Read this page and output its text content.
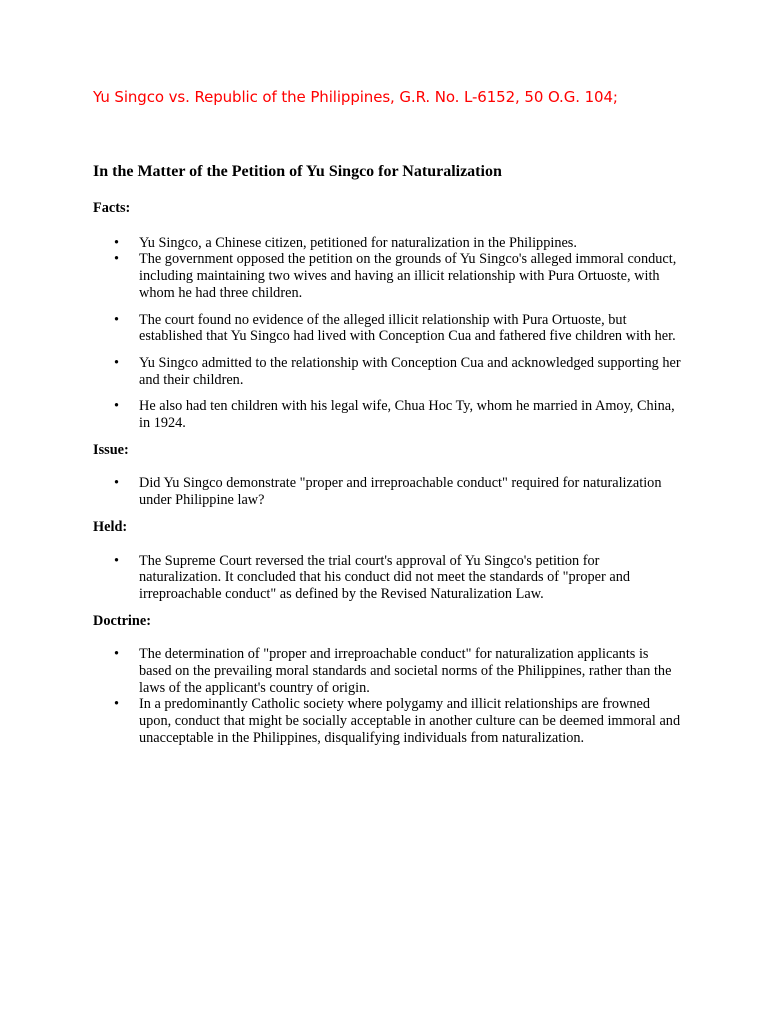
Yu Singco vs. Republic of the Philippines, G.R. No. L-6152, 50 O.G. 104;

In the Matter of the Petition of Yu Singco for Naturalization

Facts:

• Yu Singco, a Chinese citizen, petitioned for naturalization in the Philippines.
• The government opposed the petition on the grounds of Yu Singco's alleged immoral conduct, including maintaining two wives and having an illicit relationship with Pura Ortuoste, with whom he had three children.
• The court found no evidence of the alleged illicit relationship with Pura Ortuoste, but established that Yu Singco had lived with Conception Cua and fathered five children with her.
• Yu Singco admitted to the relationship with Conception Cua and acknowledged supporting her and their children.
• He also had ten children with his legal wife, Chua Hoc Ty, whom he married in Amoy, China, in 1924.

Issue:

• Did Yu Singco demonstrate "proper and irreproachable conduct" required for naturalization under Philippine law?

Held:

• The Supreme Court reversed the trial court's approval of Yu Singco's petition for naturalization. It concluded that his conduct did not meet the standards of "proper and irreproachable conduct" as defined by the Revised Naturalization Law.

Doctrine:

• The determination of "proper and irreproachable conduct" for naturalization applicants is based on the prevailing moral standards and societal norms of the Philippines, rather than the laws of the applicant's country of origin.
• In a predominantly Catholic society where polygamy and illicit relationships are frowned upon, conduct that might be socially acceptable in another culture can be deemed immoral and unacceptable in the Philippines, disqualifying individuals from naturalization.
